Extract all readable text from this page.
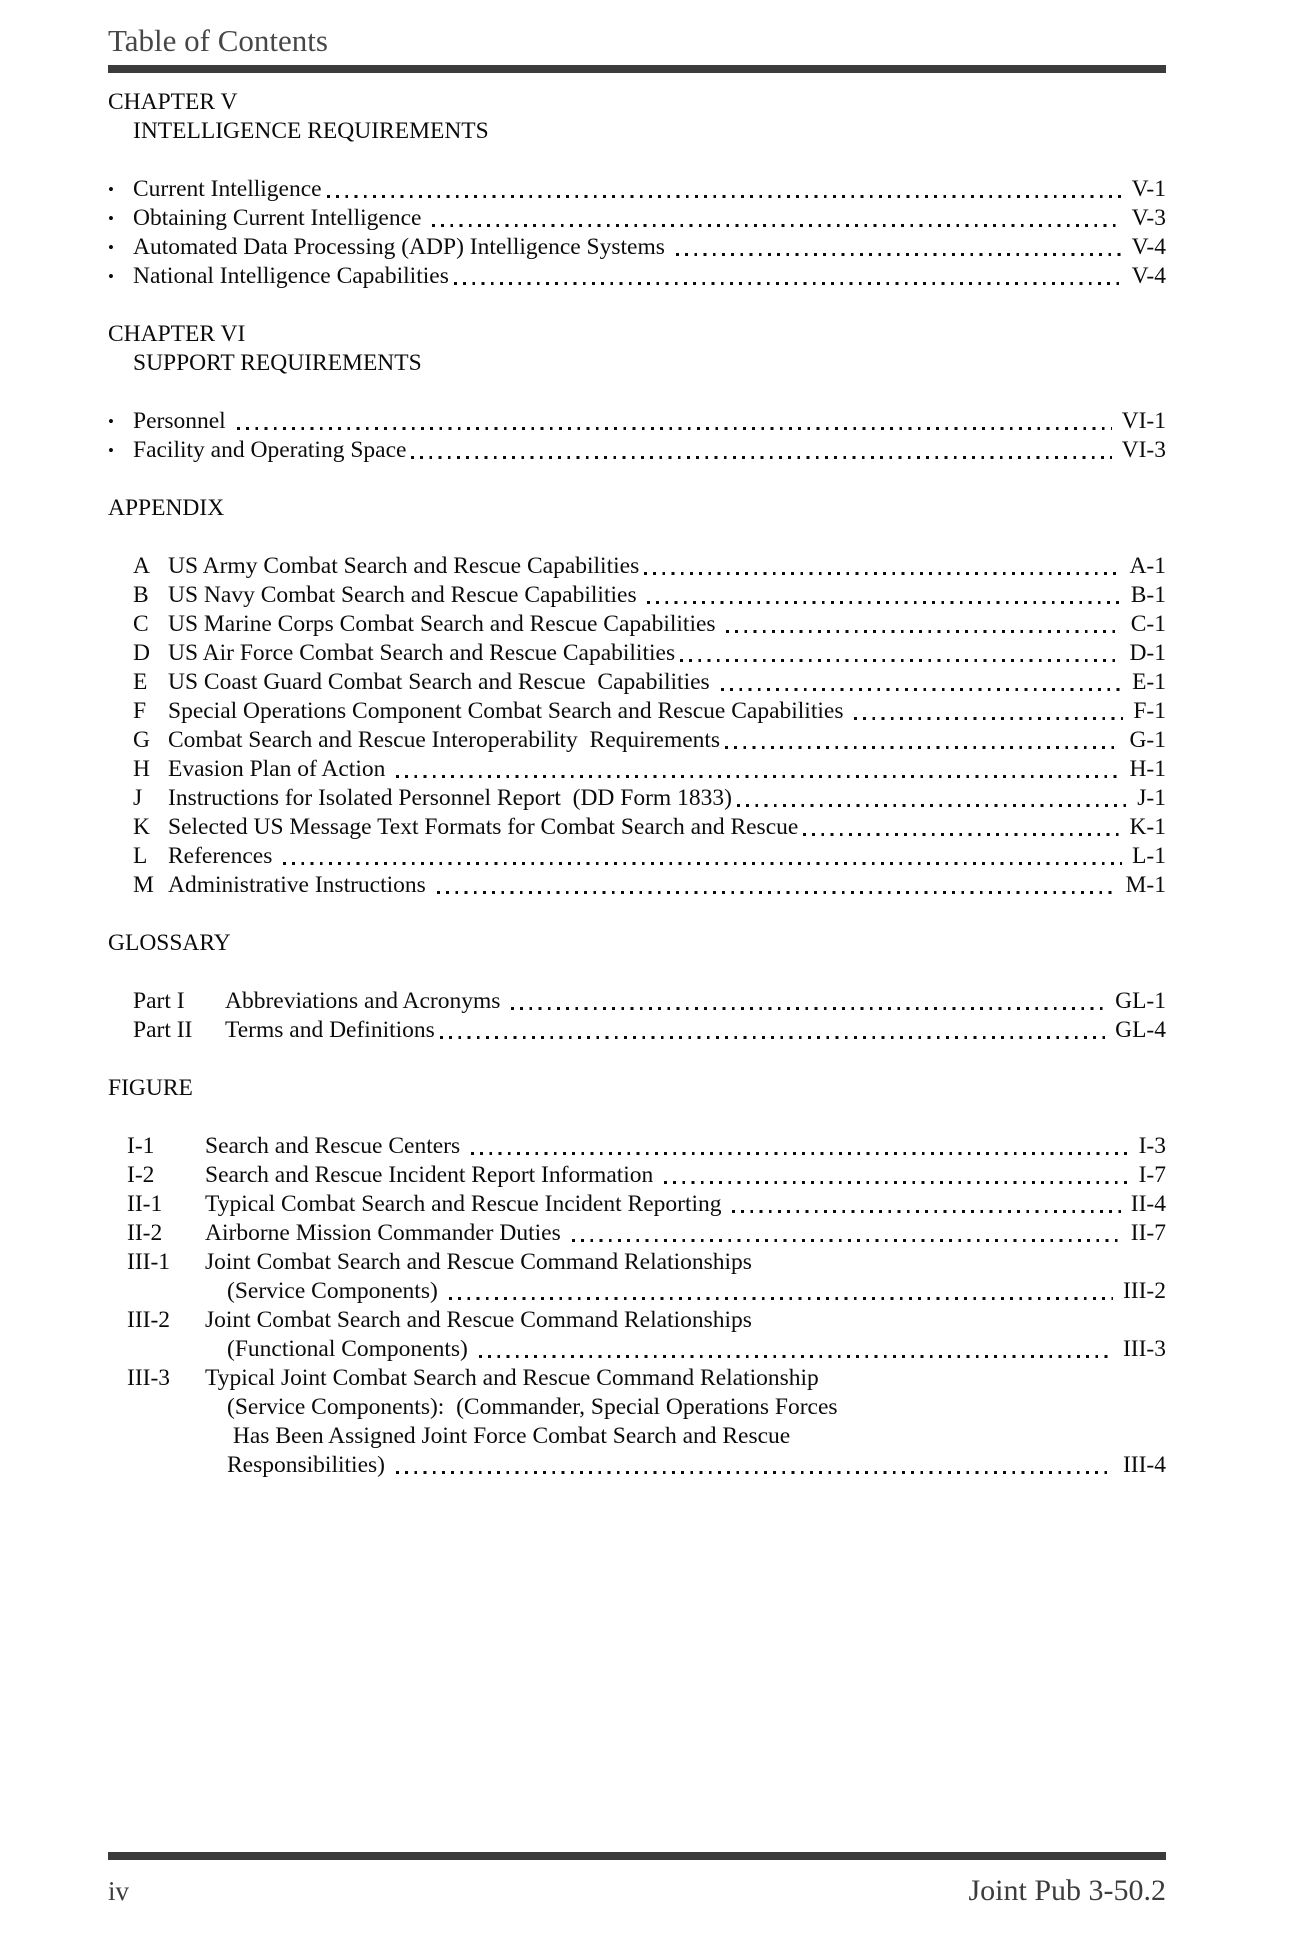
Table of Contents
CHAPTER V
INTELLIGENCE REQUIREMENTS
• Current Intelligence	V-1
• Obtaining Current Intelligence	V-3
• Automated Data Processing (ADP) Intelligence Systems	V-4
• National Intelligence Capabilities	V-4
CHAPTER VI
SUPPORT REQUIREMENTS
• Personnel	VI-1
• Facility and Operating Space	VI-3
APPENDIX
A US Army Combat Search and Rescue Capabilities	A-1
B US Navy Combat Search and Rescue Capabilities	B-1
C US Marine Corps Combat Search and Rescue Capabilities	C-1
D US Air Force Combat Search and Rescue Capabilities	D-1
E US Coast Guard Combat Search and Rescue  Capabilities	E-1
F Special Operations Component Combat Search and Rescue Capabilities	F-1
G Combat Search and Rescue Interoperability  Requirements	G-1
H Evasion Plan of Action	H-1
J	Instructions for Isolated Personnel Report  (DD Form 1833)	J-1
K Selected US Message Text Formats for Combat Search and Rescue	K-1
L References	L-1
M Administrative Instructions	M-1
GLOSSARY
Part I	Abbreviations and Acronyms	GL-1
Part II	Terms and Definitions	GL-4
FIGURE
I-1	Search and Rescue Centers	I-3
I-2	Search and Rescue Incident Report Information	I-7
II-1	Typical Combat Search and Rescue Incident Reporting	II-4
II-2	Airborne Mission Commander Duties	II-7
III-1	Joint Combat Search and Rescue Command Relationships
(Service Components)	III-2
III-2	Joint Combat Search and Rescue Command Relationships
(Functional Components)	III-3
III-3	Typical Joint Combat Search and Rescue Command Relationship
(Service Components):  (Commander, Special Operations Forces
Has Been Assigned Joint Force Combat Search and Rescue
Responsibilities)	III-4
iv	Joint Pub 3-50.2
